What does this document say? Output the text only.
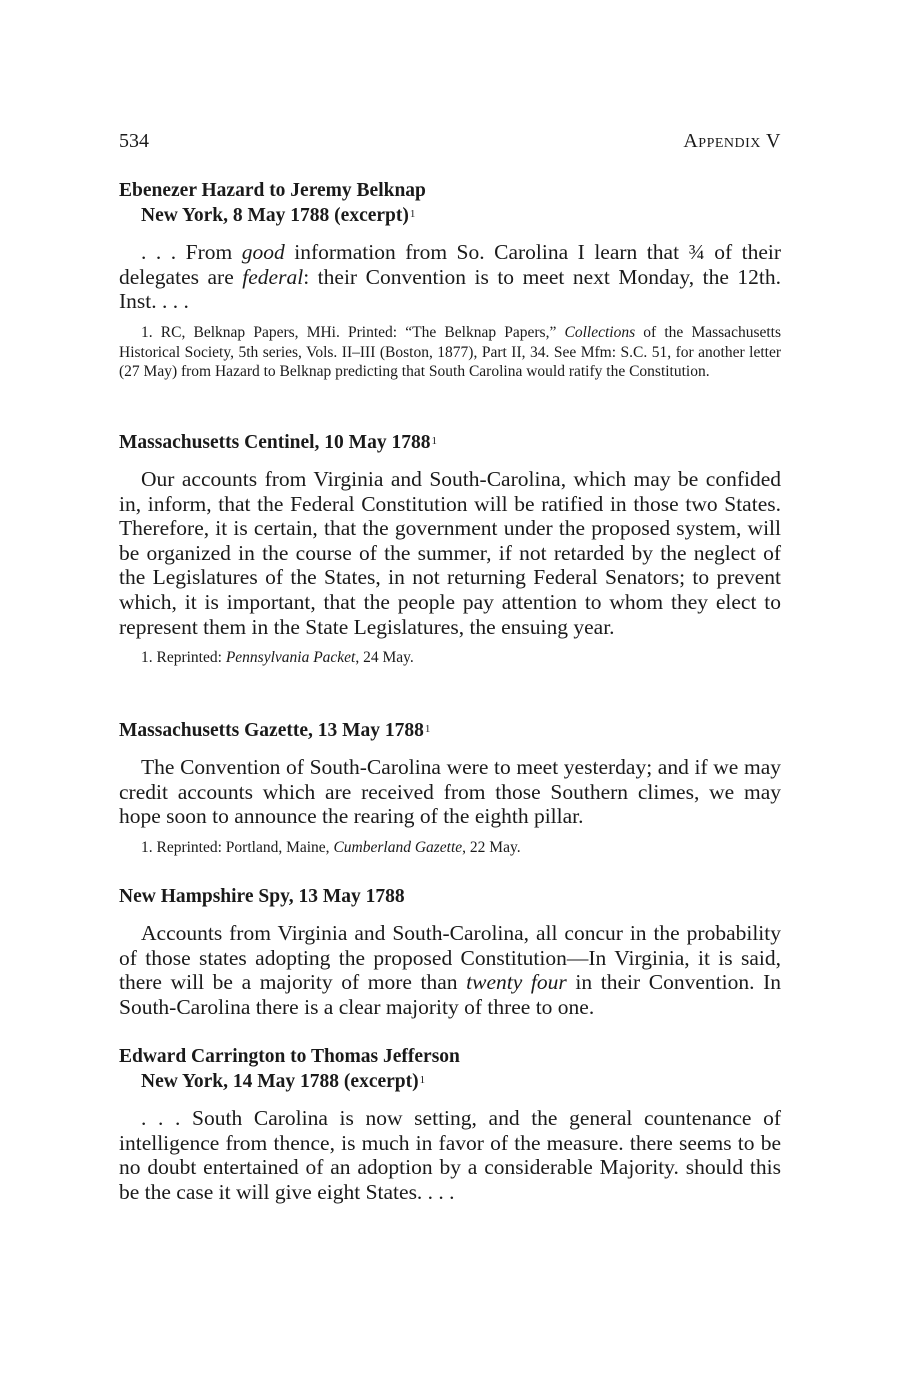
534	Appendix V
Ebenezer Hazard to Jeremy Belknap
New York, 8 May 1788 (excerpt)$^1$

. . . From good information from So. Carolina I learn that ¾ of their delegates are federal: their Convention is to meet next Monday, the 12th. Inst. . . .

1. RC, Belknap Papers, MHi. Printed: “The Belknap Papers,” Collections of the Massachusetts Historical Society, 5th series, Vols. II–III (Boston, 1877), Part II, 34. See Mfm: S.C. 51, for another letter (27 May) from Hazard to Belknap predicting that South Carolina would ratify the Constitution.

Massachusetts Centinel, 10 May 1788$^1$

Our accounts from Virginia and South-Carolina, which may be confided in, inform, that the Federal Constitution will be ratified in those two States. Therefore, it is certain, that the government under the proposed system, will be organized in the course of the summer, if not retarded by the neglect of the Legislatures of the States, in not returning Federal Senators; to prevent which, it is important, that the people pay attention to whom they elect to represent them in the State Legislatures, the ensuing year.

1. Reprinted: Pennsylvania Packet, 24 May.

Massachusetts Gazette, 13 May 1788$^1$

The Convention of South-Carolina were to meet yesterday; and if we may credit accounts which are received from those Southern climes, we may hope soon to announce the rearing of the eighth pillar.

1. Reprinted: Portland, Maine, Cumberland Gazette, 22 May.

New Hampshire Spy, 13 May 1788

Accounts from Virginia and South-Carolina, all concur in the probability of those states adopting the proposed Constitution—In Virginia, it is said, there will be a majority of more than twenty four in their Convention. In South-Carolina there is a clear majority of three to one.

Edward Carrington to Thomas Jefferson
New York, 14 May 1788 (excerpt)$^1$

. . . South Carolina is now setting, and the general countenance of intelligence from thence, is much in favor of the measure. there seems to be no doubt entertained of an adoption by a considerable Majority. should this be the case it will give eight States. . . .
